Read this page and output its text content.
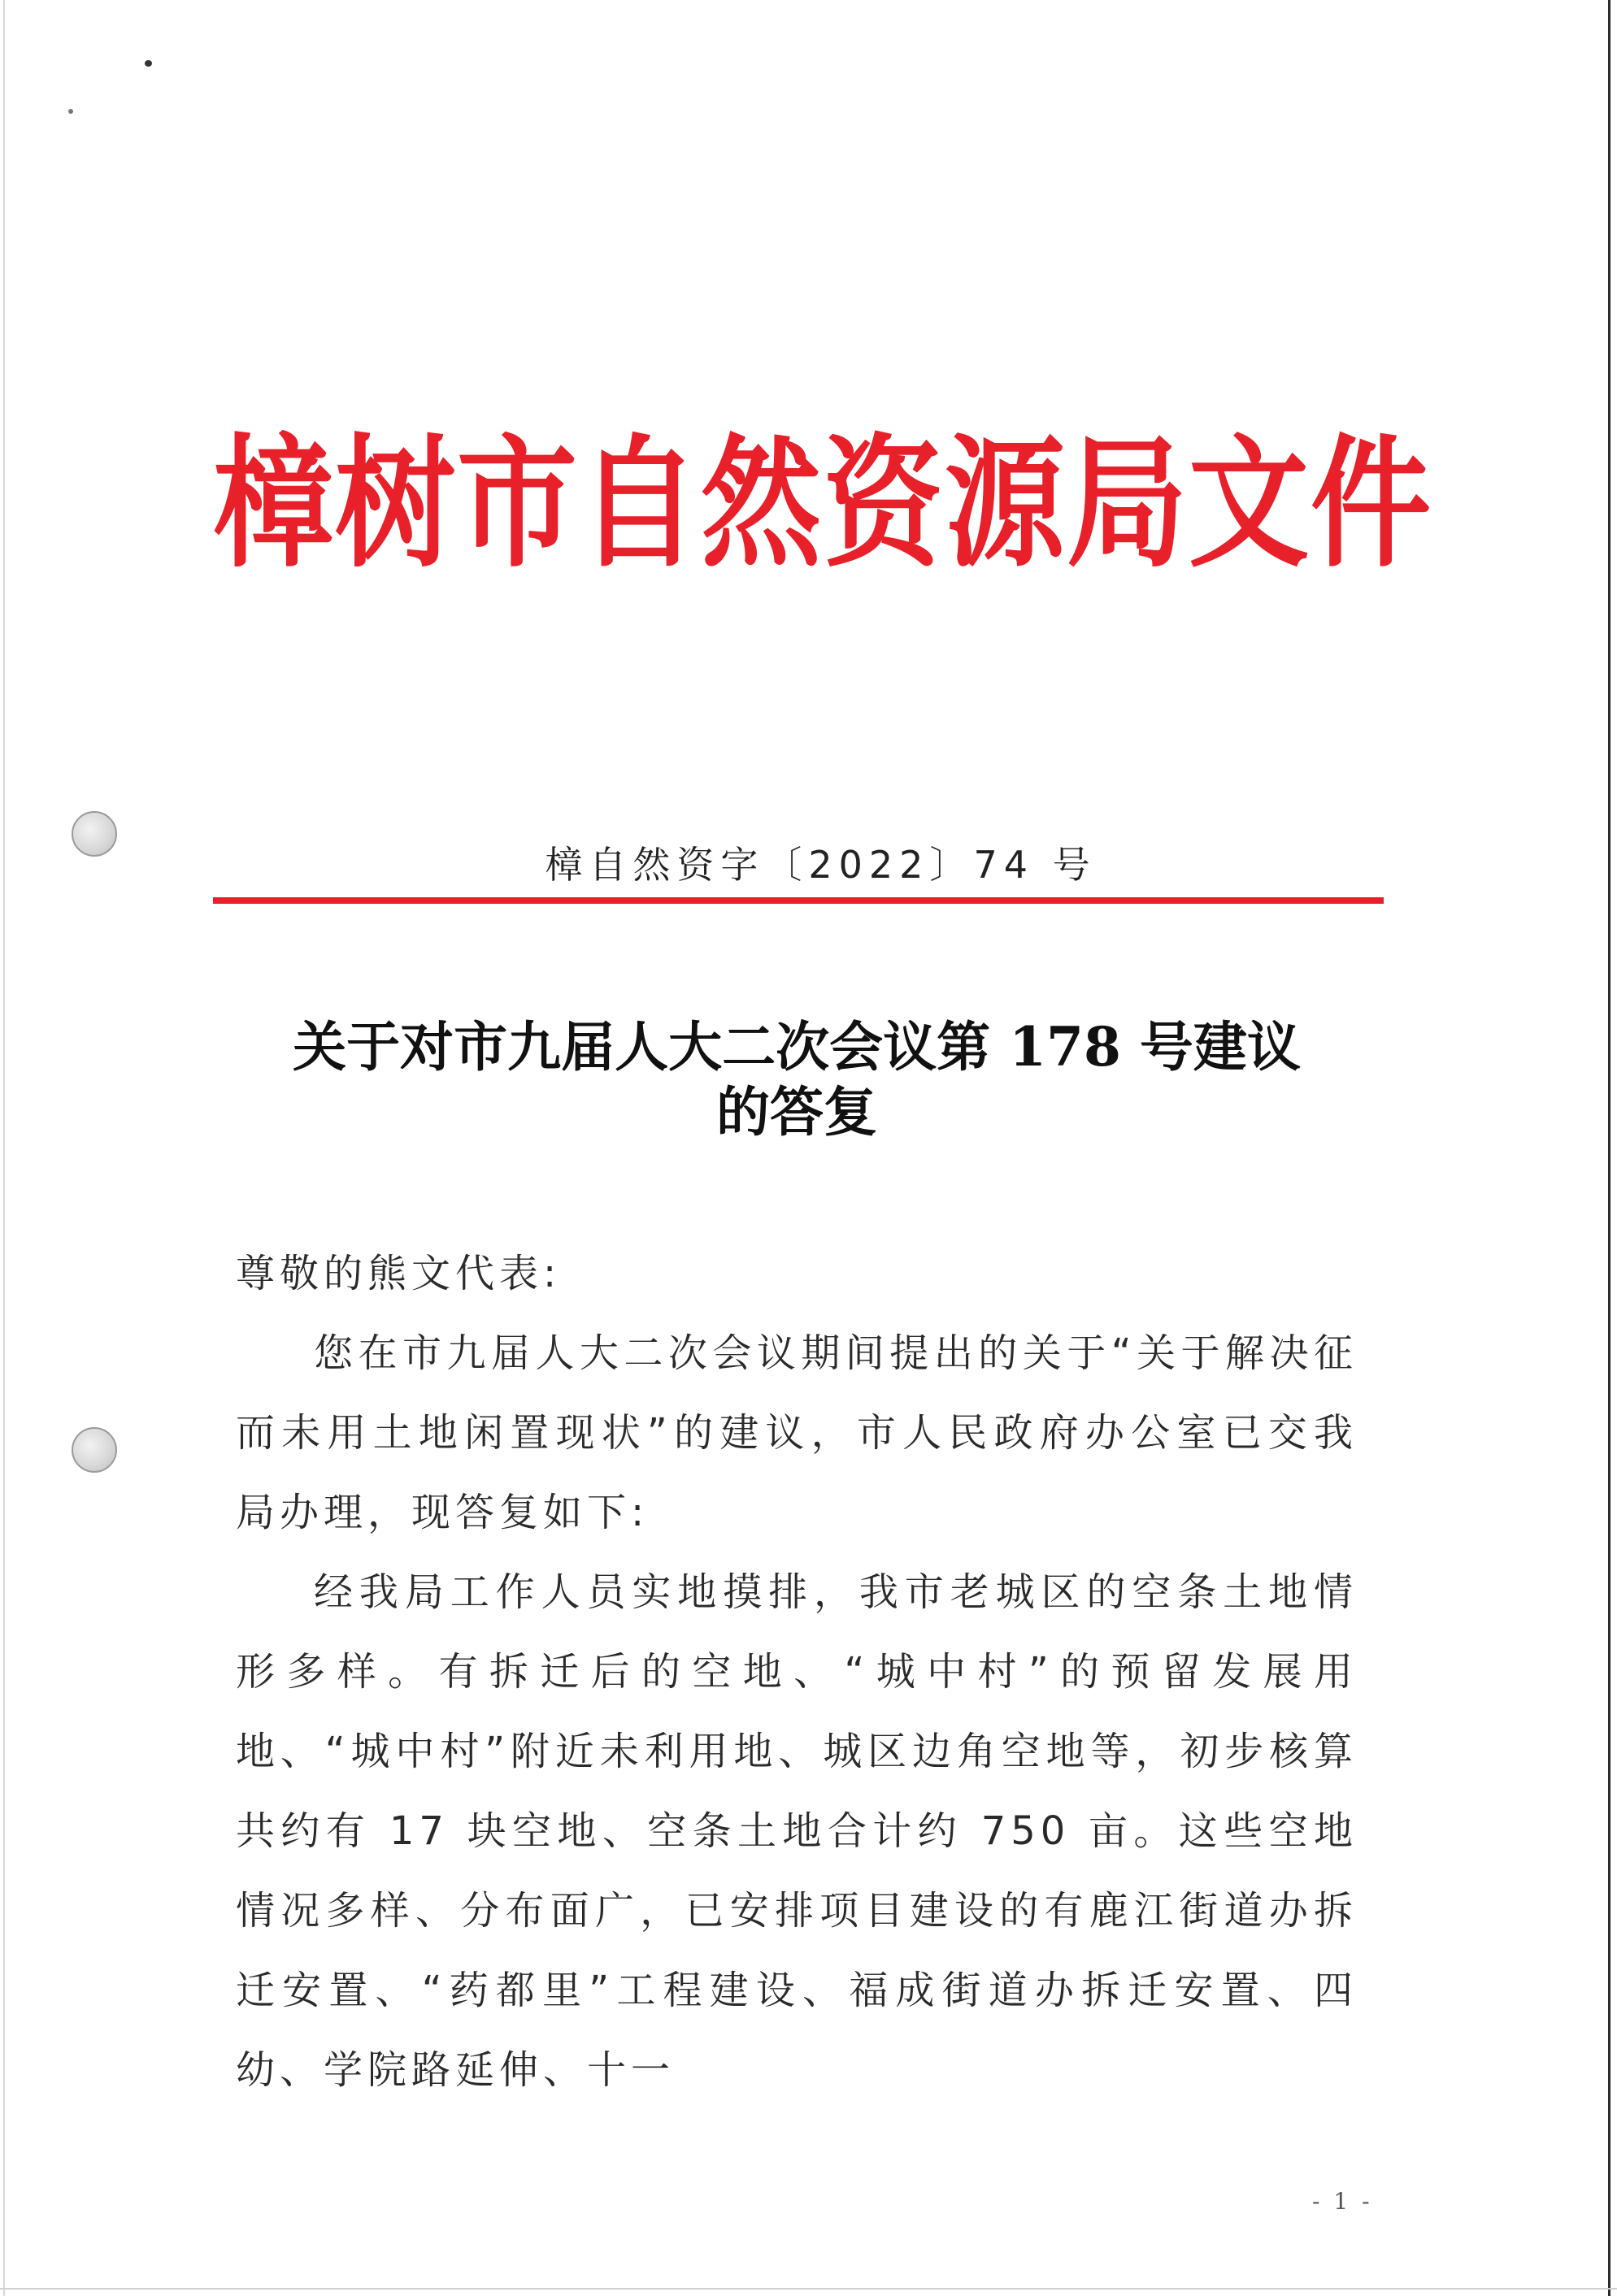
樟树市自然资源局文件

樟自然资字〔2022〕74 号

关于对市九届人大二次会议第 178 号建议
的答复

尊敬的熊文代表:

您在市九届人大二次会议期间提出的关于“关于解决征而未用土地闲置现状”的建议，市人民政府办公室已交我局办理，现答复如下:

经我局工作人员实地摸排，我市老城区的空条土地情形多样。有拆迁后的空地、“城中村”的预留发展用地、“城中村”附近未利用地、城区边角空地等，初步核算共约有 17 块空地、空条土地合计约 750 亩。这些空地情况多样、分布面广，已安排项目建设的有鹿江街道办拆迁安置、“药都里”工程建设、福成街道办拆迁安置、四幼、学院路延伸、十一

- 1 -
